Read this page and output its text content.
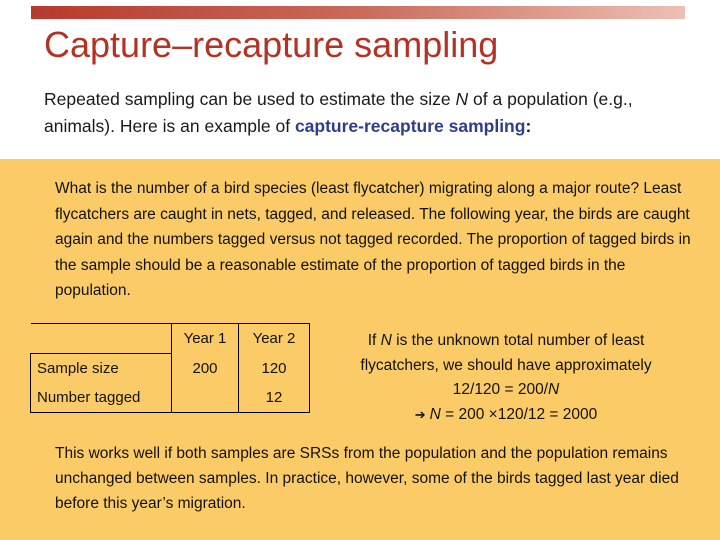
Capture–recapture sampling
Repeated sampling can be used to estimate the size N of a population (e.g., animals). Here is an example of capture-recapture sampling:
What is the number of a bird species (least flycatcher) migrating along a major route? Least flycatchers are caught in nets, tagged, and released. The following year, the birds are caught again and the numbers tagged versus not tagged recorded. The proportion of tagged birds in the sample should be a reasonable estimate of the proportion of tagged birds in the population.
	Year 1	Year 2
Sample size	200	120
Number tagged		12
If N is the unknown total number of least flycatchers, we should have approximately
12/120 = 200/N
➔ N = 200 ×120/12 = 2000
This works well if both samples are SRSs from the population and the population remains unchanged between samples. In practice, however, some of the birds tagged last year died before this year’s migration.
